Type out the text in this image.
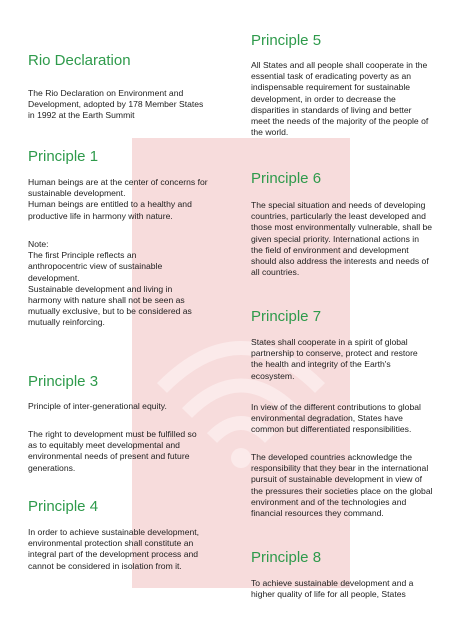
Rio Declaration
The Rio Declaration on Environment and
Development, adopted by 178 Member States
in 1992 at the Earth Summit
Principle 1
Human beings are at the center of concerns for
sustainable development.
Human beings are entitled to a healthy and
productive life in harmony with nature.
Note:
The first Principle reflects an
anthropocentric view of sustainable
development.
Sustainable development and living in
harmony with nature shall not be seen as
mutually exclusive, but to be considered as
mutually reinforcing.
Principle 3
Principle of inter-generational equity.
The right to development must be fulfilled so
as to equitably meet developmental and
environmental needs of present and future
generations.
Principle 4
In order to achieve sustainable development,
environmental protection shall constitute an
integral part of the development process and
cannot be considered in isolation from it.
Principle 5
All States and all people shall cooperate in the
essential task of eradicating poverty as an
indispensable requirement for sustainable
development, in order to decrease the
disparities in standards of living and better
meet the needs of the majority of the people of
the world.
Principle 6
The special situation and needs of developing
countries, particularly the least developed and
those most environmentally vulnerable, shall be
given special priority. International actions in
the field of environment and development
should also address the interests and needs of
all countries.
Principle 7
States shall cooperate in a spirit of global
partnership to conserve, protect and restore
the health and integrity of the Earth's
ecosystem.
In view of the different contributions to global
environmental degradation, States have
common but differentiated responsibilities.
The developed countries acknowledge the
responsibility that they bear in the international
pursuit of sustainable development in view of
the pressures their societies place on the global
environment and of the technologies and
financial resources they command.
Principle 8
To achieve sustainable development and a
higher quality of life for all people, States
